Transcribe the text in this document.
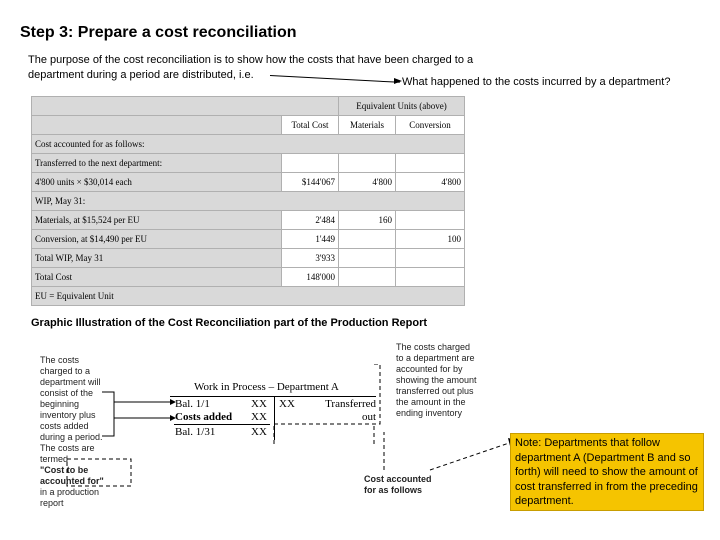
Step 3: Prepare a cost reconciliation
The purpose of the cost reconciliation is to show how the costs that have been charged to a
department during a period are distributed, i.e.
What happened to the costs incurred by a department?
		Equivalent Units (above)	
	Total Cost	Materials	Conversion
Cost accounted for as follows:			
Transferred to the next department:			
4'800 units × $30,014 each	$144'067	4'800	4'800
WIP, May 31:			
Materials, at $15,524 per EU	2'484	160	
Conversion, at $14,490 per EU	1'449		100
Total WIP, May 31	3'933		
Total Cost	148'000		
EU = Equivalent Unit			
Graphic Illustration of the Cost Reconciliation part of the Production Report
The costs
charged to a
department will
consist of the
beginning
inventory plus
costs added
during a period.
The costs are
termed
"Cost to be
accounted for"
in a production
report
Work in Process – Department A
Bal. 1/1	XX
Costs added XX
Bal. 1/31	XX
XX	Transferred out
The costs charged
to a department are
accounted for by
showing the amount
transferred out plus
the amount in the
ending inventory
Cost accounted
for as follows
Note: Departments that follow department A (Department B and so forth) will need to show the amount of cost transferred in from the preceding department.
